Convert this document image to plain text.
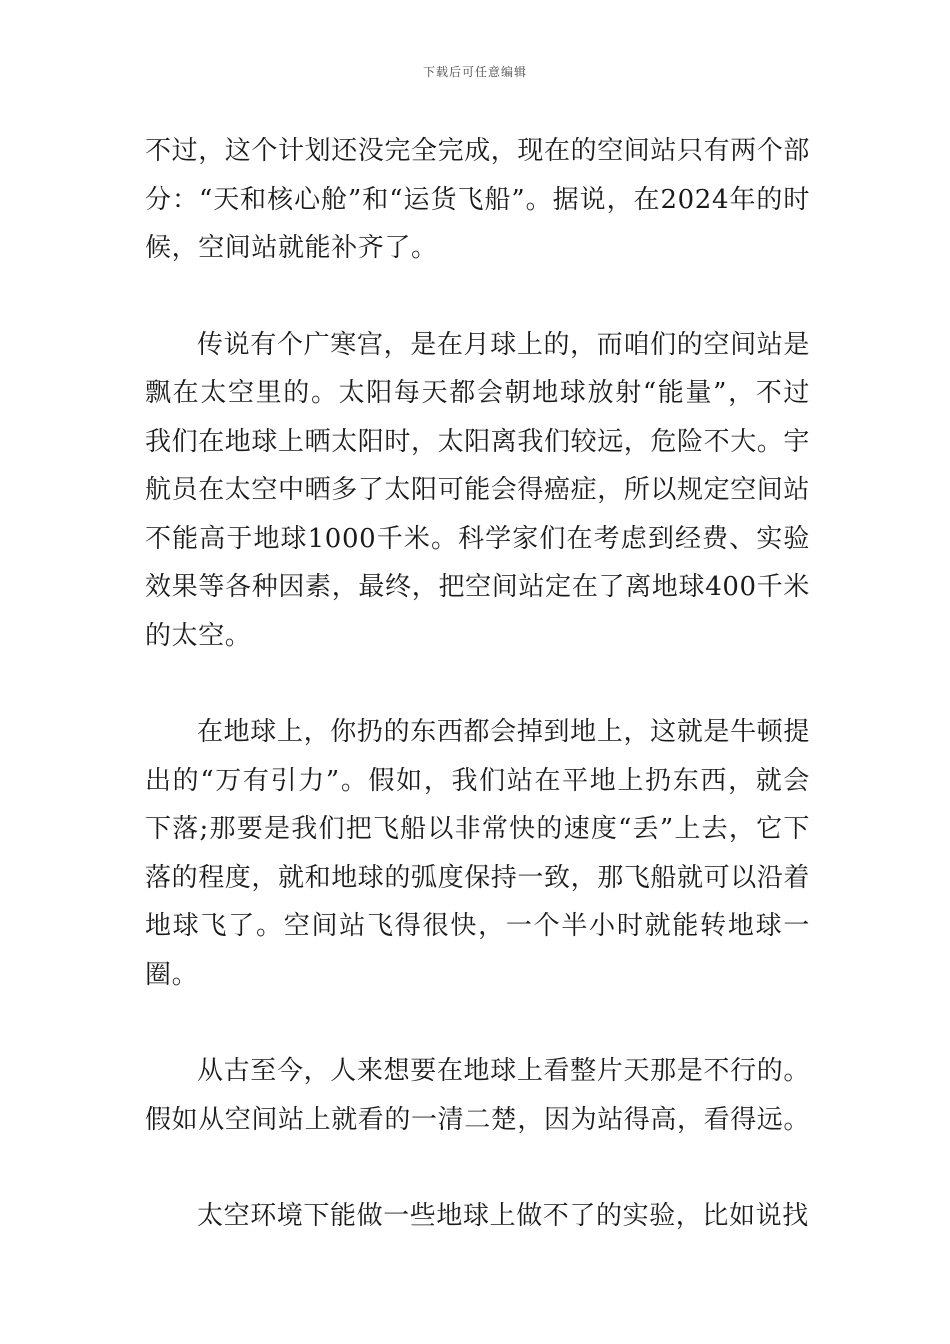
下载后可任意编辑

不过，这个计划还没完全完成，现在的空间站只有两个部分：“天和核心舱”和“运货飞船”。据说，在2024年的时候，空间站就能补齐了。

传说有个广寒宫，是在月球上的，而咱们的空间站是飘在太空里的。太阳每天都会朝地球放射“能量”，不过我们在地球上晒太阳时，太阳离我们较远，危险不大。宇航员在太空中晒多了太阳可能会得癌症，所以规定空间站不能高于地球1000千米。科学家们在考虑到经费、实验效果等各种因素，最终，把空间站定在了离地球400千米的太空。

在地球上，你扔的东西都会掉到地上，这就是牛顿提出的“万有引力”。假如，我们站在平地上扔东西，就会下落;那要是我们把飞船以非常快的速度“丢”上去，它下落的程度，就和地球的弧度保持一致，那飞船就可以沿着地球飞了。空间站飞得很快，一个半小时就能转地球一圈。

从古至今，人来想要在地球上看整片天那是不行的。假如从空间站上就看的一清二楚，因为站得高，看得远。

太空环境下能做一些地球上做不了的实验，比如说找
